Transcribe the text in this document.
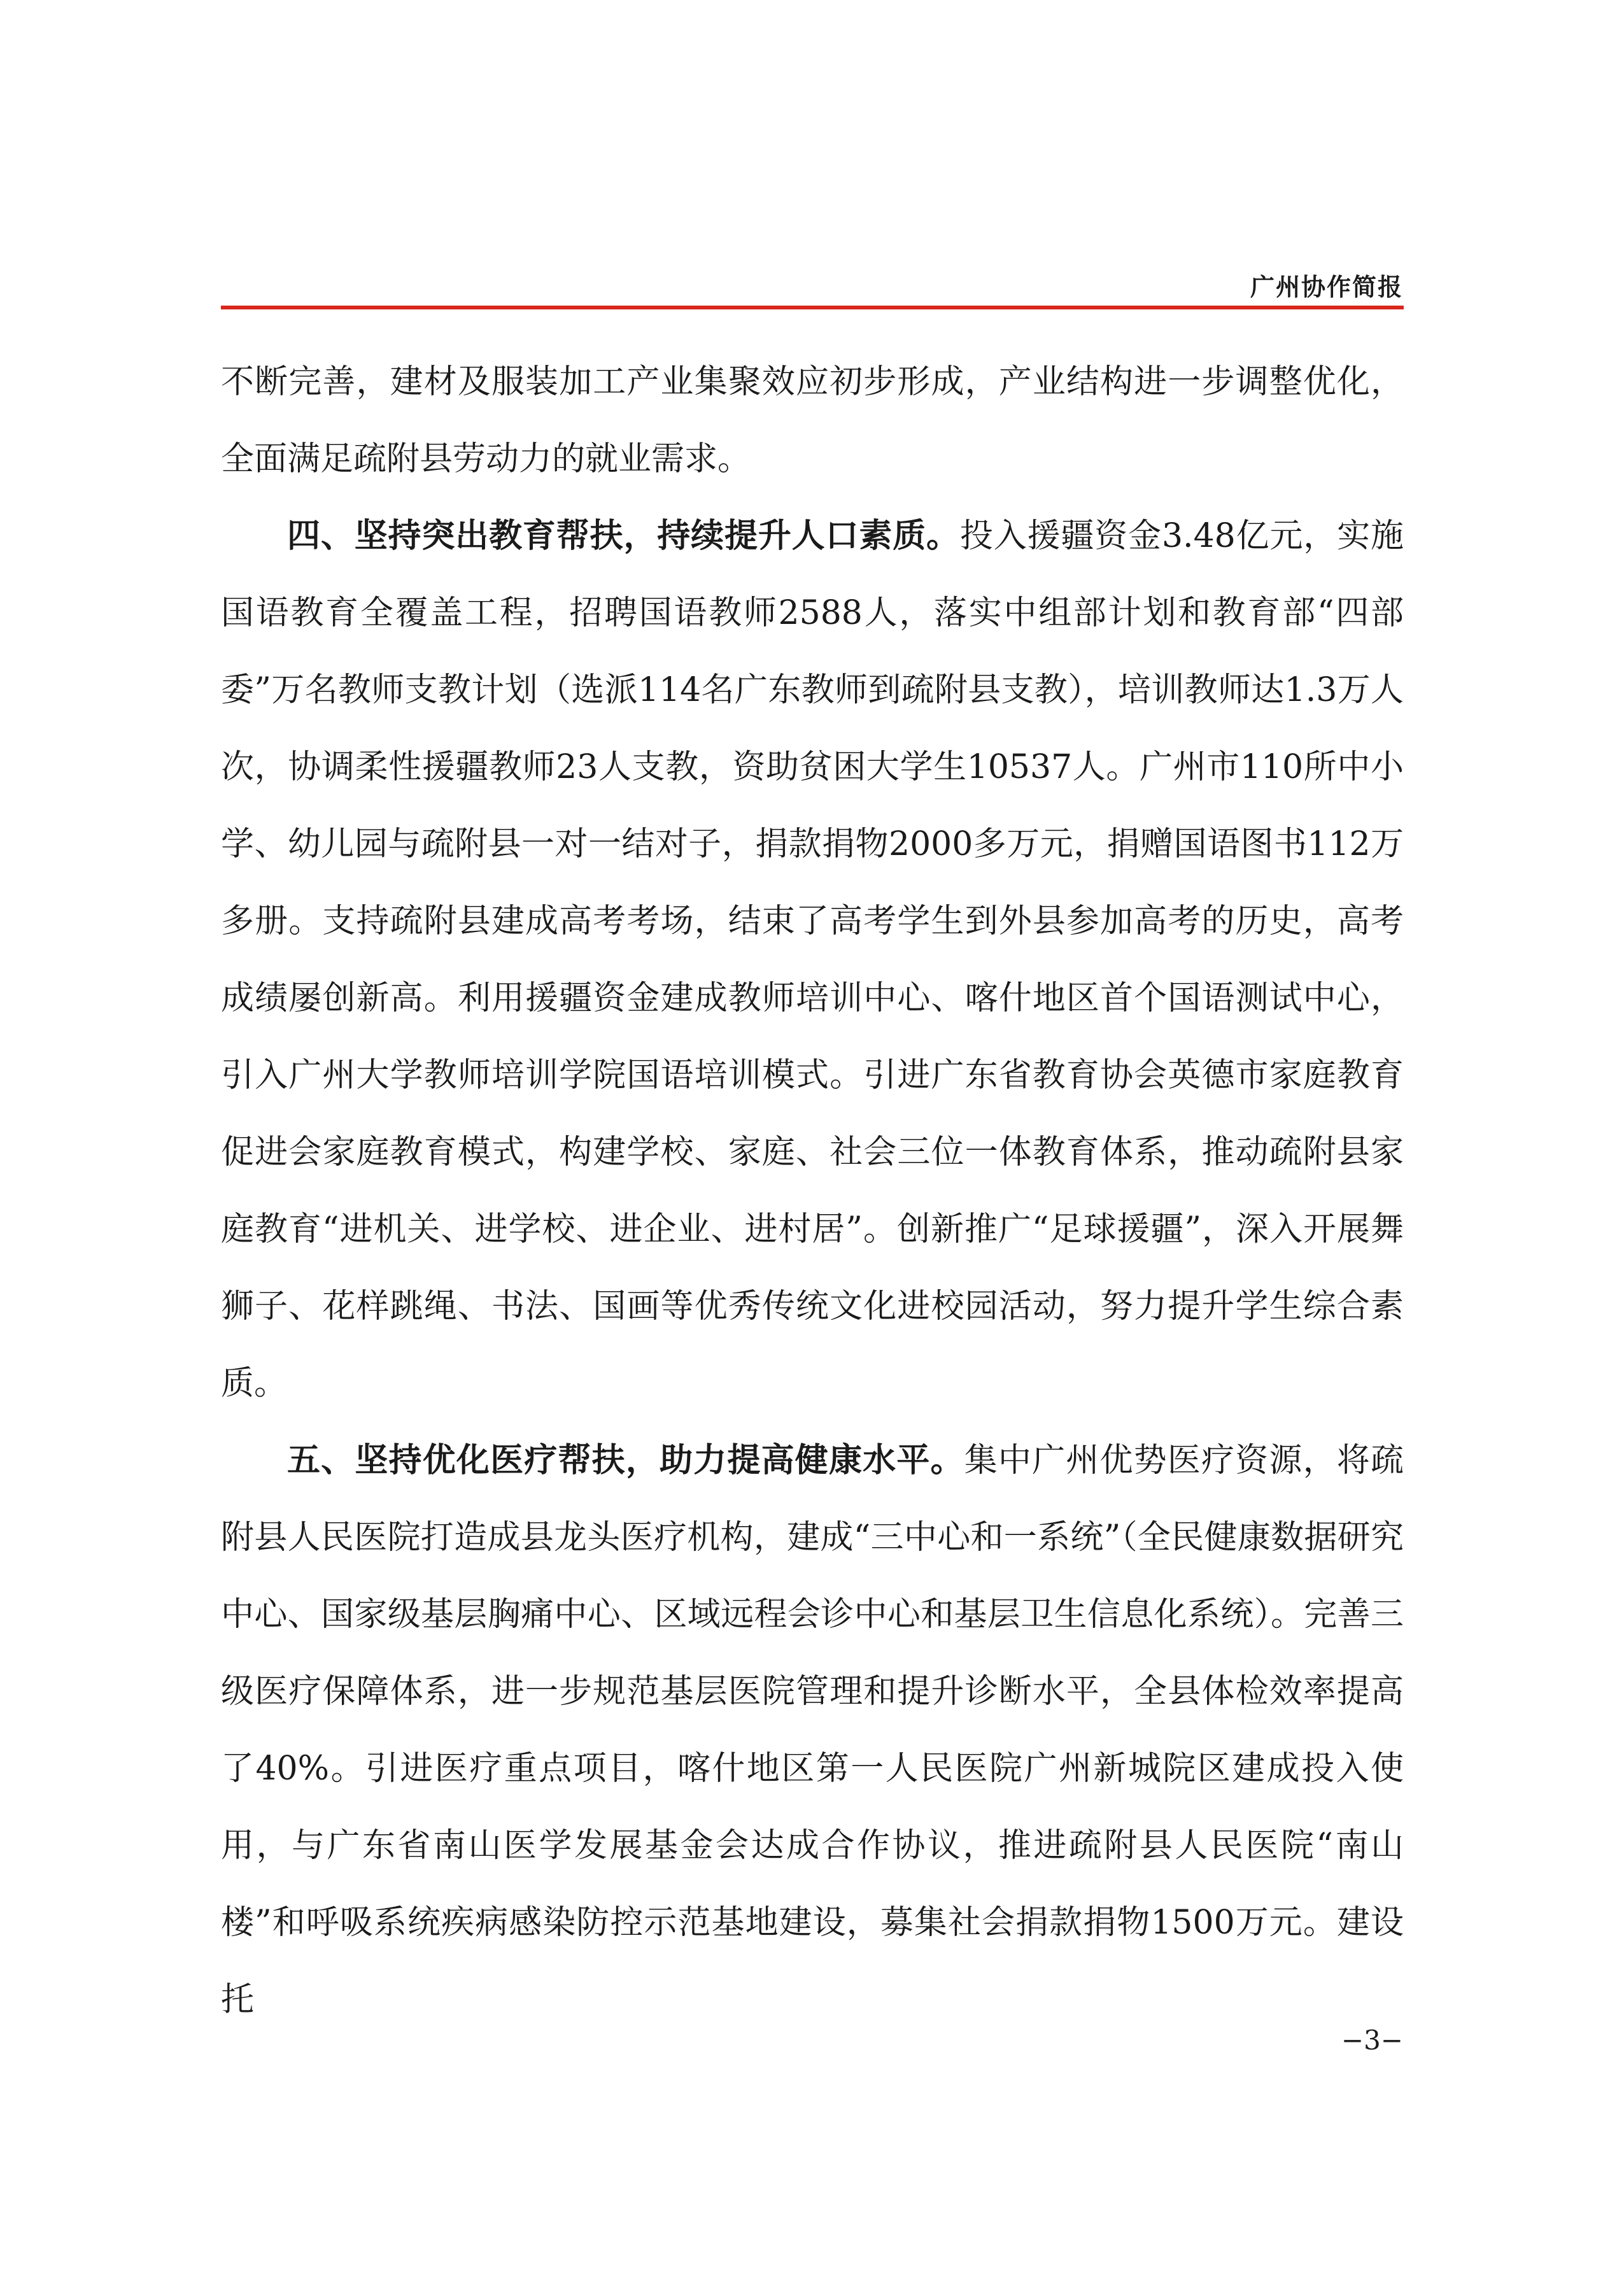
广州协作简报

不断完善，建材及服装加工产业集聚效应初步形成，产业结构进一步调整优化，全面满足疏附县劳动力的就业需求。

四、坚持突出教育帮扶，持续提升人口素质。投入援疆资金3.48亿元，实施国语教育全覆盖工程，招聘国语教师2588人，落实中组部计划和教育部“四部委”万名教师支教计划（选派114名广东教师到疏附县支教），培训教师达1.3万人次，协调柔性援疆教师23人支教，资助贫困大学生10537人。广州市110所中小学、幼儿园与疏附县一对一结对子，捐款捐物2000多万元，捐赠国语图书112万多册。支持疏附县建成高考考场，结束了高考学生到外县参加高考的历史，高考成绩屡创新高。利用援疆资金建成教师培训中心、喀什地区首个国语测试中心，引入广州大学教师培训学院国语培训模式。引进广东省教育协会英德市家庭教育促进会家庭教育模式，构建学校、家庭、社会三位一体教育体系，推动疏附县家庭教育“进机关、进学校、进企业、进村居”。创新推广“足球援疆”，深入开展舞狮子、花样跳绳、书法、国画等优秀传统文化进校园活动，努力提升学生综合素质。

五、坚持优化医疗帮扶，助力提高健康水平。集中广州优势医疗资源，将疏附县人民医院打造成县龙头医疗机构，建成“三中心和一系统”（全民健康数据研究中心、国家级基层胸痛中心、区域远程会诊中心和基层卫生信息化系统）。完善三级医疗保障体系，进一步规范基层医院管理和提升诊断水平，全县体检效率提高了40%。引进医疗重点项目，喀什地区第一人民医院广州新城院区建成投入使用，与广东省南山医学发展基金会达成合作协议，推进疏附县人民医院“南山楼”和呼吸系统疾病感染防控示范基地建设，募集社会捐款捐物1500万元。建设托

−3−
